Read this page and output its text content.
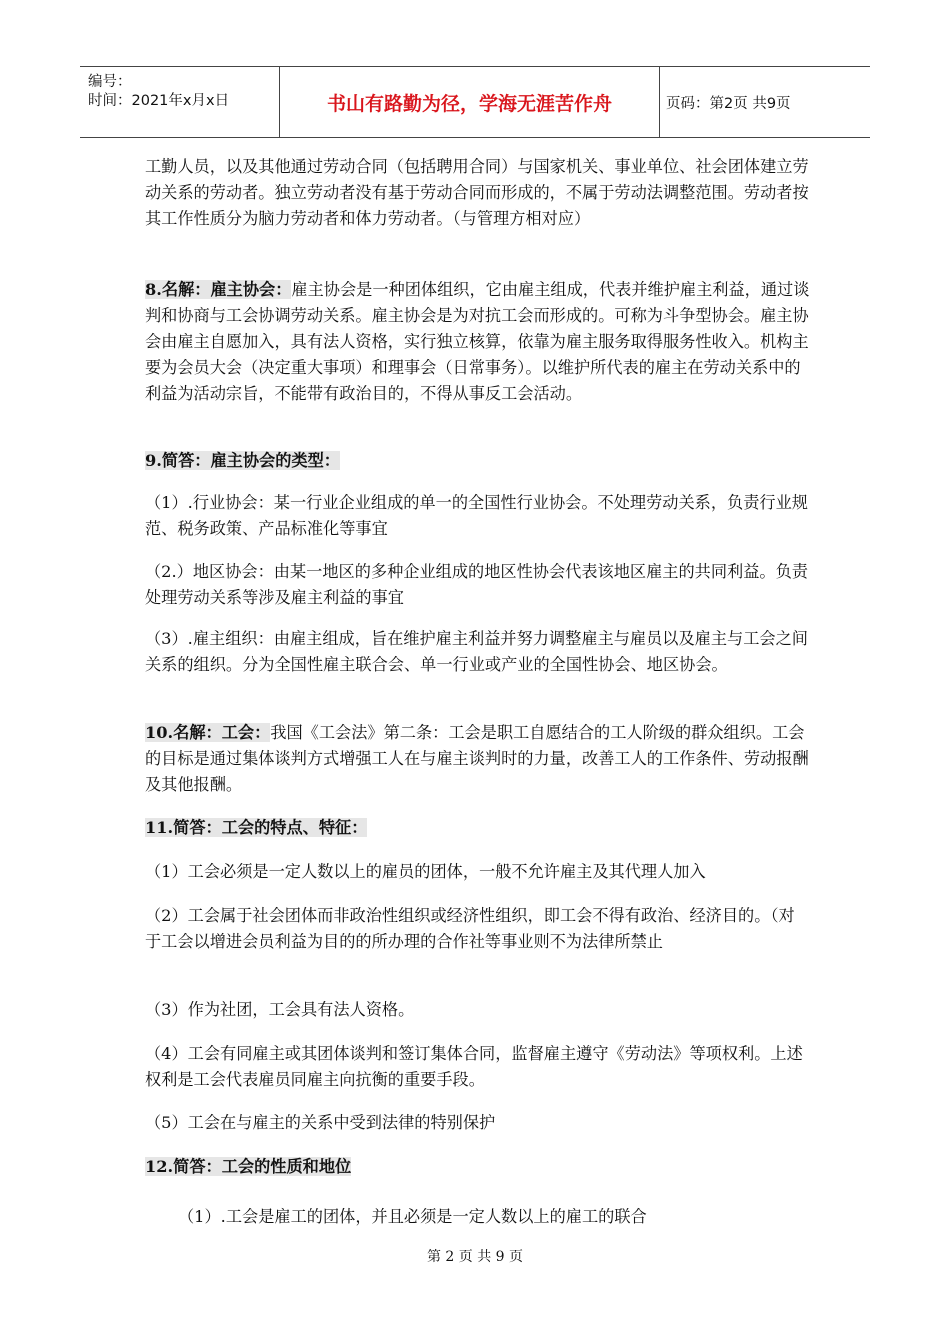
编号：
时间：2021年x月x日	书山有路勤为径，学海无涯苦作舟	页码：第2页 共9页
工勤人员，以及其他通过劳动合同（包括聘用合同）与国家机关、事业单位、社会团体建立劳动关系的劳动者。独立劳动者没有基于劳动合同而形成的，不属于劳动法调整范围。劳动者按其工作性质分为脑力劳动者和体力劳动者。（与管理方相对应）
8.名解：雇主协会：雇主协会是一种团体组织，它由雇主组成，代表并维护雇主利益，通过谈判和协商与工会协调劳动关系。雇主协会是为对抗工会而形成的。可称为斗争型协会。雇主协会由雇主自愿加入，具有法人资格，实行独立核算，依靠为雇主服务取得服务性收入。机构主要为会员大会（决定重大事项）和理事会（日常事务）。以维护所代表的雇主在劳动关系中的利益为活动宗旨，不能带有政治目的，不得从事反工会活动。
9.简答：雇主协会的类型：
（1）.行业协会：某一行业企业组成的单一的全国性行业协会。不处理劳动关系，负责行业规范、税务政策、产品标准化等事宜
（2.）地区协会：由某一地区的多种企业组成的地区性协会代表该地区雇主的共同利益。负责处理劳动关系等涉及雇主利益的事宜
（3）.雇主组织：由雇主组成，旨在维护雇主利益并努力调整雇主与雇员以及雇主与工会之间关系的组织。分为全国性雇主联合会、单一行业或产业的全国性协会、地区协会。
10.名解：工会：我国《工会法》第二条：工会是职工自愿结合的工人阶级的群众组织。工会的目标是通过集体谈判方式增强工人在与雇主谈判时的力量，改善工人的工作条件、劳动报酬及其他报酬。
11.简答：工会的特点、特征：
（1）工会必须是一定人数以上的雇员的团体，一般不允许雇主及其代理人加入
（2）工会属于社会团体而非政治性组织或经济性组织，即工会不得有政治、经济目的。（对于工会以增进会员利益为目的的所办理的合作社等事业则不为法律所禁止
（3）作为社团，工会具有法人资格。
（4）工会有同雇主或其团体谈判和签订集体合同，监督雇主遵守《劳动法》等项权利。上述权利是工会代表雇员同雇主向抗衡的重要手段。
（5）工会在与雇主的关系中受到法律的特别保护
12.简答：工会的性质和地位
（1）.工会是雇工的团体，并且必须是一定人数以上的雇工的联合
第 2 页 共 9 页
